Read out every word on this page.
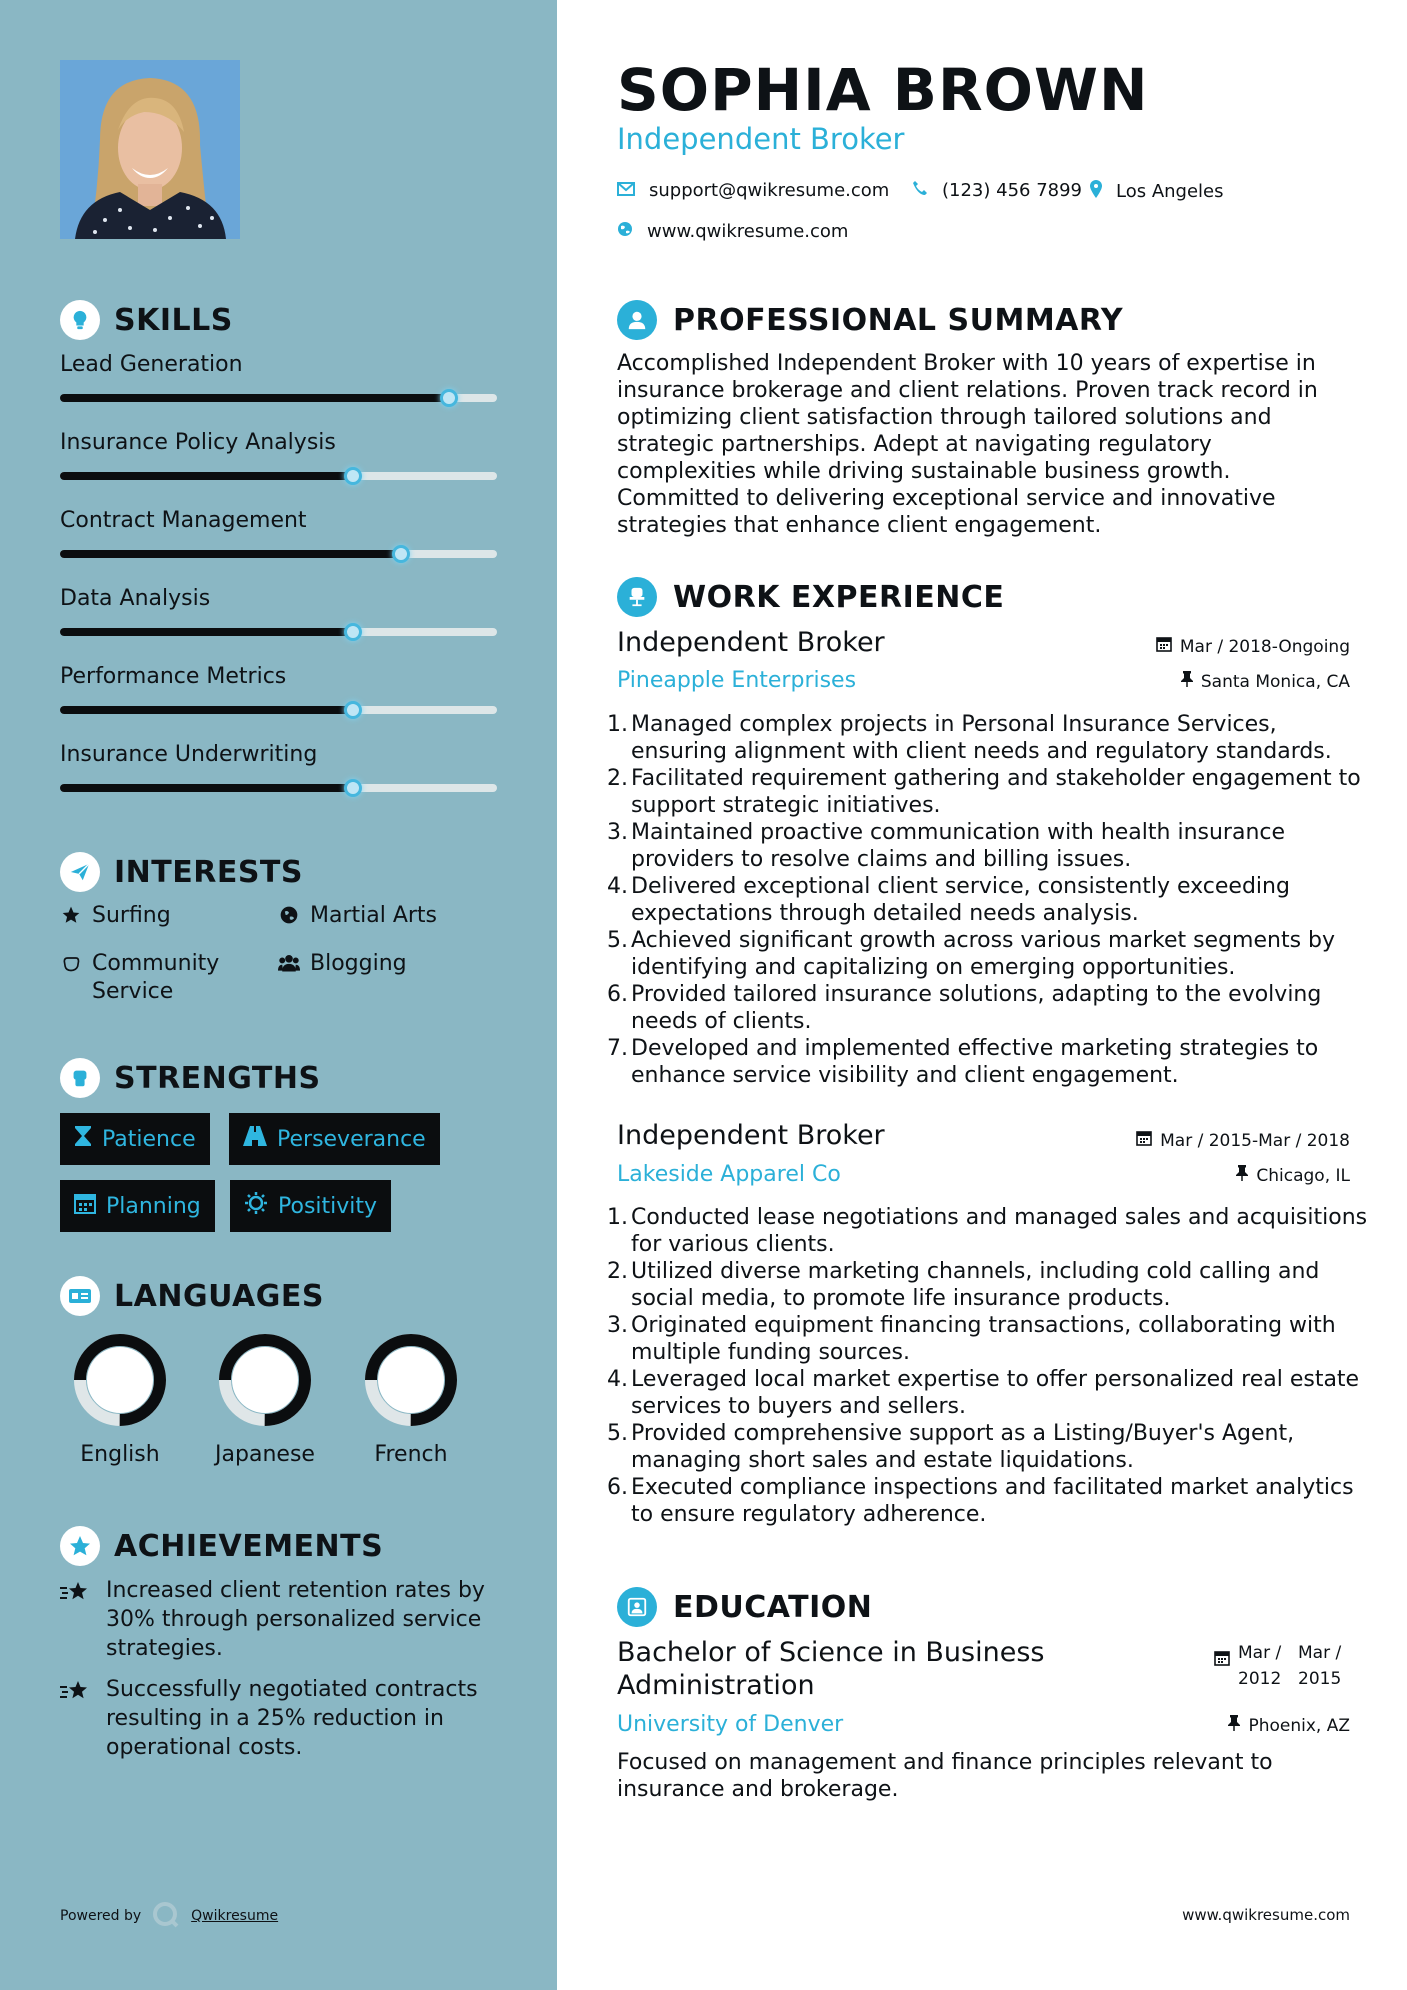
SKILLS
Lead Generation
Insurance Policy Analysis
Contract Management
Data Analysis
Performance Metrics
Insurance Underwriting
INTERESTS
Surfing	Martial Arts
Community Service
Blogging
STRENGTHS
Patience	Perseverance
Planning	Positivity
LANGUAGES
English	Japanese	French
ACHIEVEMENTS
Increased client retention rates by 30% through personalized service strategies.
Successfully negotiated contracts resulting in a 25% reduction in operational costs.
Powered by	Qwikresume
SOPHIA BROWN
Independent Broker
support@qwikresume.com	(123) 456 7899 Los Angeles
www.qwikresume.com
PROFESSIONAL SUMMARY
Accomplished Independent Broker with 10 years of expertise in insurance brokerage and client relations. Proven track record in optimizing client satisfaction through tailored solutions and strategic partnerships. Adept at navigating regulatory complexities while driving sustainable business growth. Committed to delivering exceptional service and innovative strategies that enhance client engagement.
WORK EXPERIENCE
Independent Broker	Mar / 2018-Ongoing
Pineapple Enterprises	Santa Monica, CA
1. Managed complex projects in Personal Insurance Services, ensuring alignment with client needs and regulatory standards.
2. Facilitated requirement gathering and stakeholder engagement to support strategic initiatives.
3. Maintained proactive communication with health insurance providers to resolve claims and billing issues.
4. Delivered exceptional client service, consistently exceeding expectations through detailed needs analysis.
5. Achieved significant growth across various market segments by identifying and capitalizing on emerging opportunities.
6. Provided tailored insurance solutions, adapting to the evolving needs of clients.
7. Developed and implemented effective marketing strategies to enhance service visibility and client engagement.
Independent Broker	Mar / 2015-Mar / 2018
Lakeside Apparel Co	Chicago, IL
1. Conducted lease negotiations and managed sales and acquisitions for various clients.
2. Utilized diverse marketing channels, including cold calling and social media, to promote life insurance products.
3. Originated equipment financing transactions, collaborating with multiple funding sources.
4. Leveraged local market expertise to offer personalized real estate services to buyers and sellers.
5. Provided comprehensive support as a Listing/Buyer's Agent, managing short sales and estate liquidations.
6. Executed compliance inspections and facilitated market analytics to ensure regulatory adherence.
EDUCATION
Bachelor of Science in Business Administration
Mar / 2012
Mar / 2015
University of Denver	Phoenix, AZ
Focused on management and finance principles relevant to insurance and brokerage.
www.qwikresume.com
